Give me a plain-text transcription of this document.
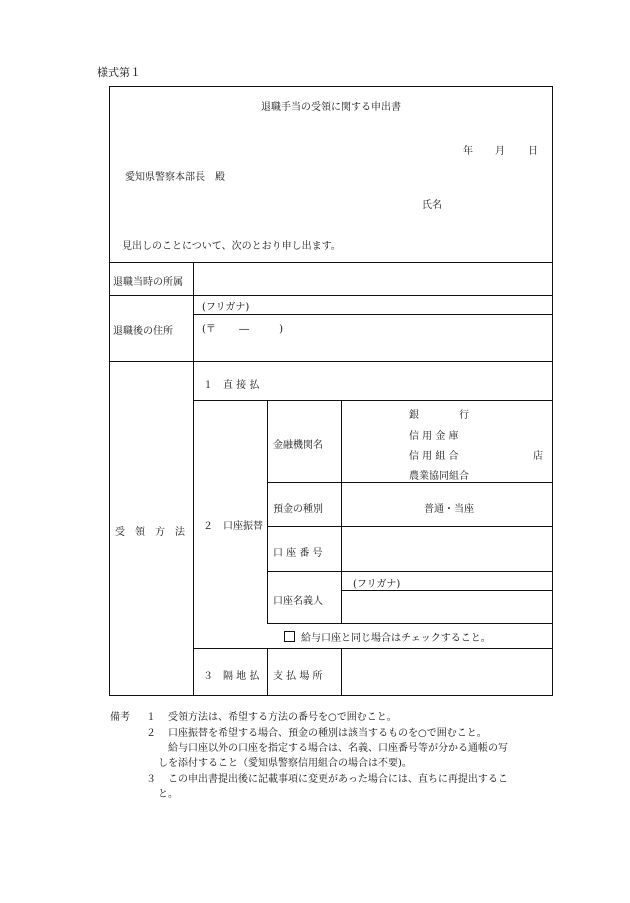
様式第１
退職手当の受領に関する申出書
年 月 日
愛知県警察本部長　殿
氏名
見出しのことについて、次のとおり申し出ます。
退職当時の所属
退職後の住所
(フリガナ)
(〒　　 ―　　　)
受　領　方　法
１　直 接 払
２　口座振替
３　隔 地 払
金融機関名
銀　　　　行
信 用 金 庫
信 用 組 合
農業協同組合
店
預金の種別	普通・当座
口 座 番 号
口座名義人
(フリガナ)
給与口座と同じ場合はチェックすること。
支 払 場 所
備考 １ 受領方法は、希望する方法の番号を○で囲むこと。
２ 口座振替を希望する場合、預金の種別は該当するものを○で囲むこと。
給与口座以外の口座を指定する場合は、名義、口座番号等が分かる通帳の写
しを添付すること（愛知県警察信用組合の場合は不要)。
３ この申出書提出後に記載事項に変更があった場合には、直ちに再提出するこ
と。
